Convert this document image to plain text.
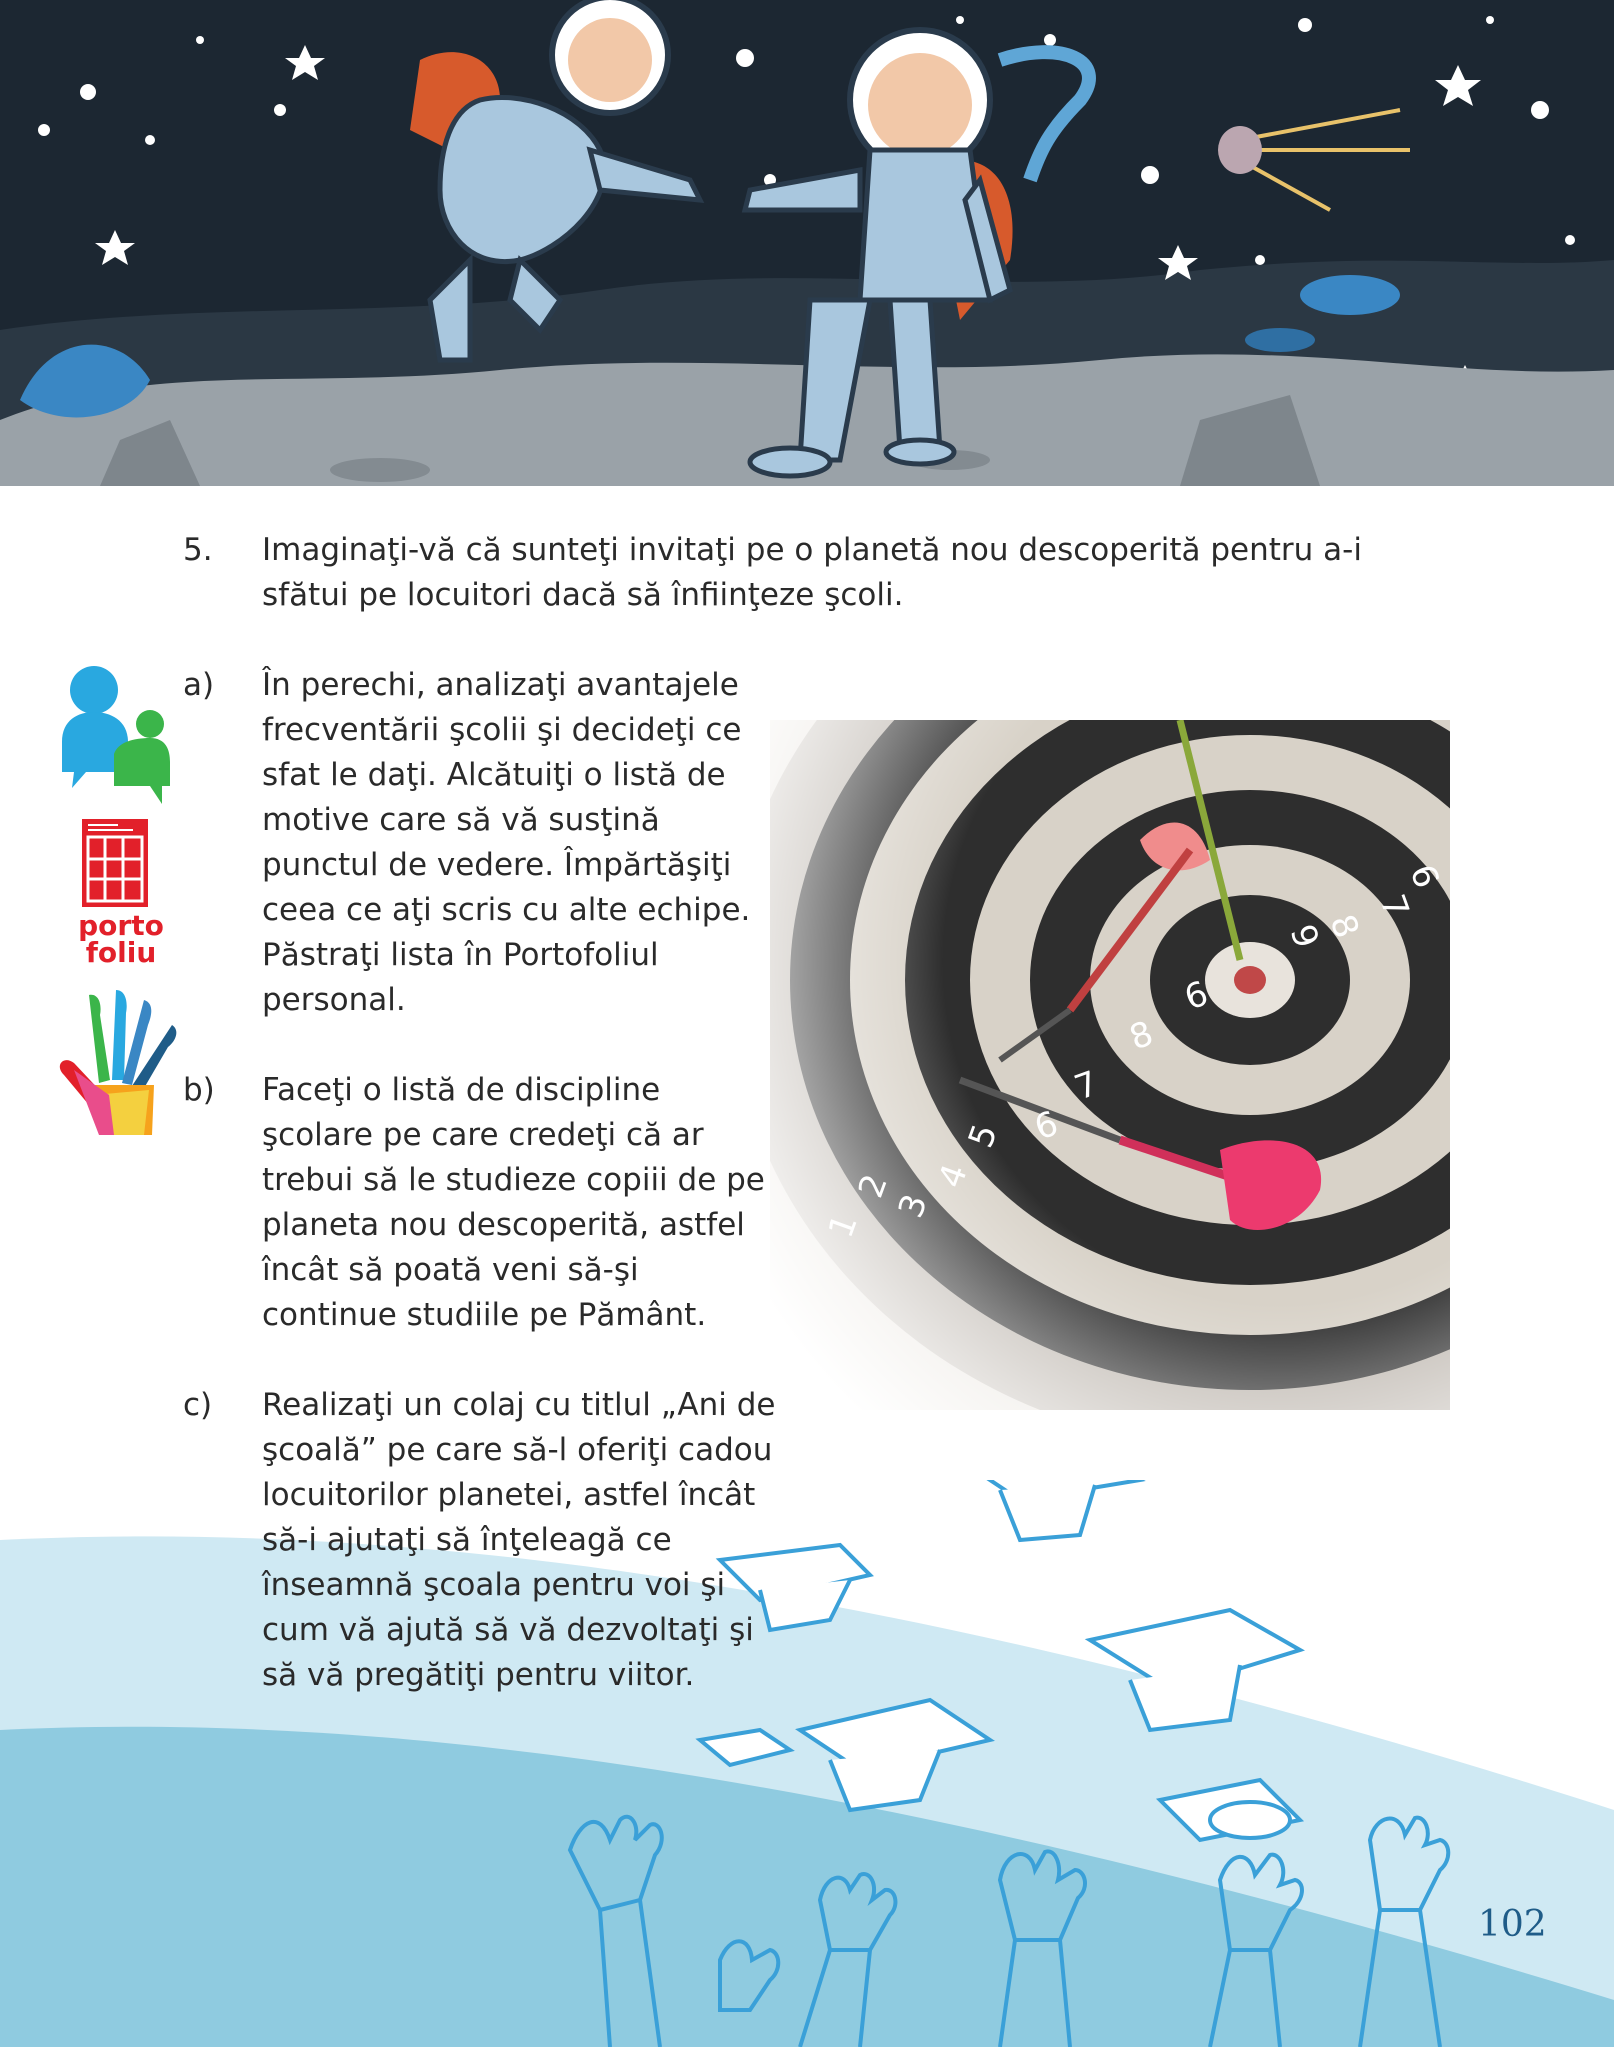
5. Imaginaţi-vă că sunteţi invitaţi pe o planetă nou descoperită pentru a-i

sfătui pe locuitori dacă să înfiinţeze şcoli.

porto
foliu
a) În perechi, analizaţi avantajele

frecventării şcolii şi decideţi ce

sfat le daţi. Alcătuiţi o listă de

motive care să vă susţină

punctul de vedere. Împărtăşiţi

ceea ce aţi scris cu alte echipe.

Păstraţi lista în Portofoliul

personal.

b) Faceţi o listă de discipline

şcolare pe care credeţi că ar

trebui să le studieze copiii de pe

planeta nou descoperită, astfel

încât să poată veni să-şi

continue studiile pe Pământ.

c) Realizaţi un colaj cu titlul „Ani de

şcoală” pe care să-l oferiţi cadou

locuitorilor planetei, astfel încât

să-i ajutaţi să înţeleagă ce

înseamnă şcoala pentru voi şi

cum vă ajută să vă dezvoltaţi şi

să vă pregătiţi pentru viitor.

102
